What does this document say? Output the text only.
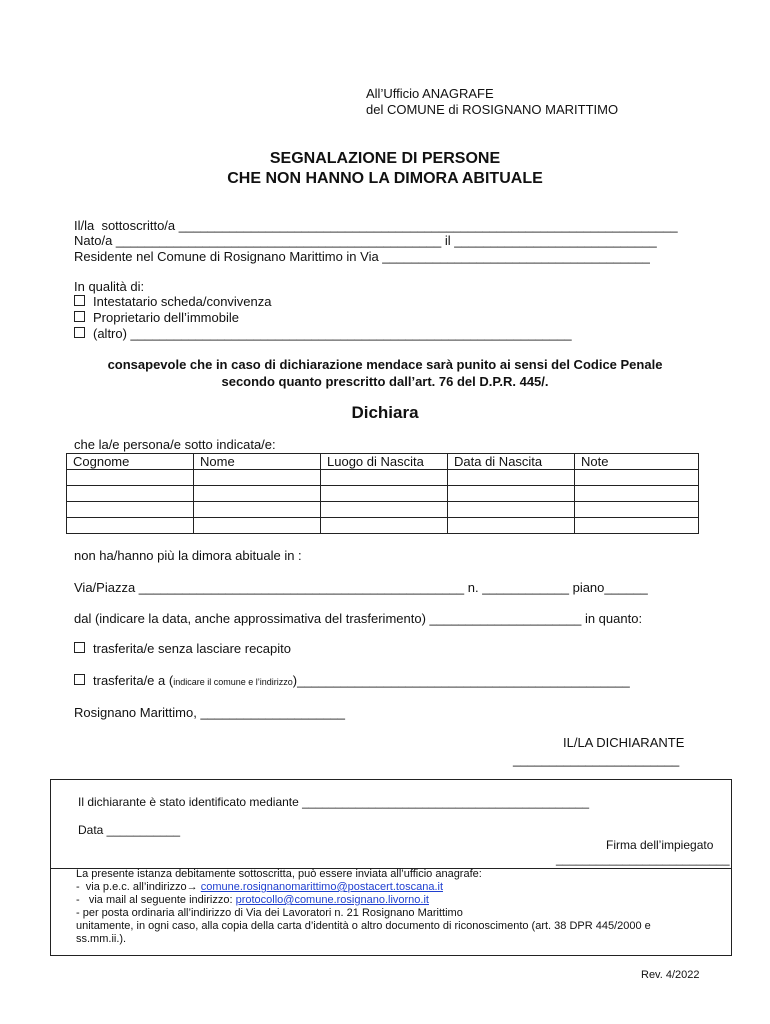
All’Ufficio ANAGRAFE
del COMUNE di ROSIGNANO MARITTIMO
SEGNALAZIONE DI PERSONE
CHE NON HANNO LA DIMORA ABITUALE
Il/la  sottoscritto/a _____________________________________________________________________
Nato/a _____________________________________________ il ____________________________
Residente nel Comune di Rosignano Marittimo in Via _____________________________________
In qualità di:
Intestatario scheda/convivenza
Proprietario dell’immobile
(altro) _____________________________________________________________
consapevole che in caso di dichiarazione mendace sarà punito ai sensi del Codice Penale
secondo quanto prescritto dall’art. 76 del D.P.R. 445/.
Dichiara
che la/e persona/e sotto indicata/e:
Cognome	Nome	Luogo di Nascita	Data di Nascita	Note

non ha/hanno più la dimora abituale in :
Via/Piazza _____________________________________________ n. ____________ piano______
dal (indicare la data, anche approssimativa del trasferimento) _____________________ in quanto:
trasferita/e senza lasciare recapito
trasferita/e a (indicare il comune e l’indirizzo)______________________________________________
Rosignano Marittimo, ____________________
IL/LA DICHIARANTE
_______________________
Il dichiarante è stato identificato mediante ___________________________________________
Data ___________
Firma dell’impiegato
__________________________
La presente istanza debitamente sottoscritta, può essere inviata all’ufficio anagrafe:
-  via p.e.c. all’indirizzo→ comune.rosignanomarittimo@postacert.toscana.it
-   via mail al seguente indirizzo: protocollo@comune.rosignano.livorno.it
- per posta ordinaria all’indirizzo di Via dei Lavoratori n. 21 Rosignano Marittimo
unitamente, in ogni caso, alla copia della carta d’identità o altro documento di riconoscimento (art. 38 DPR 445/2000 e
ss.mm.ii.).
Rev. 4/2022
